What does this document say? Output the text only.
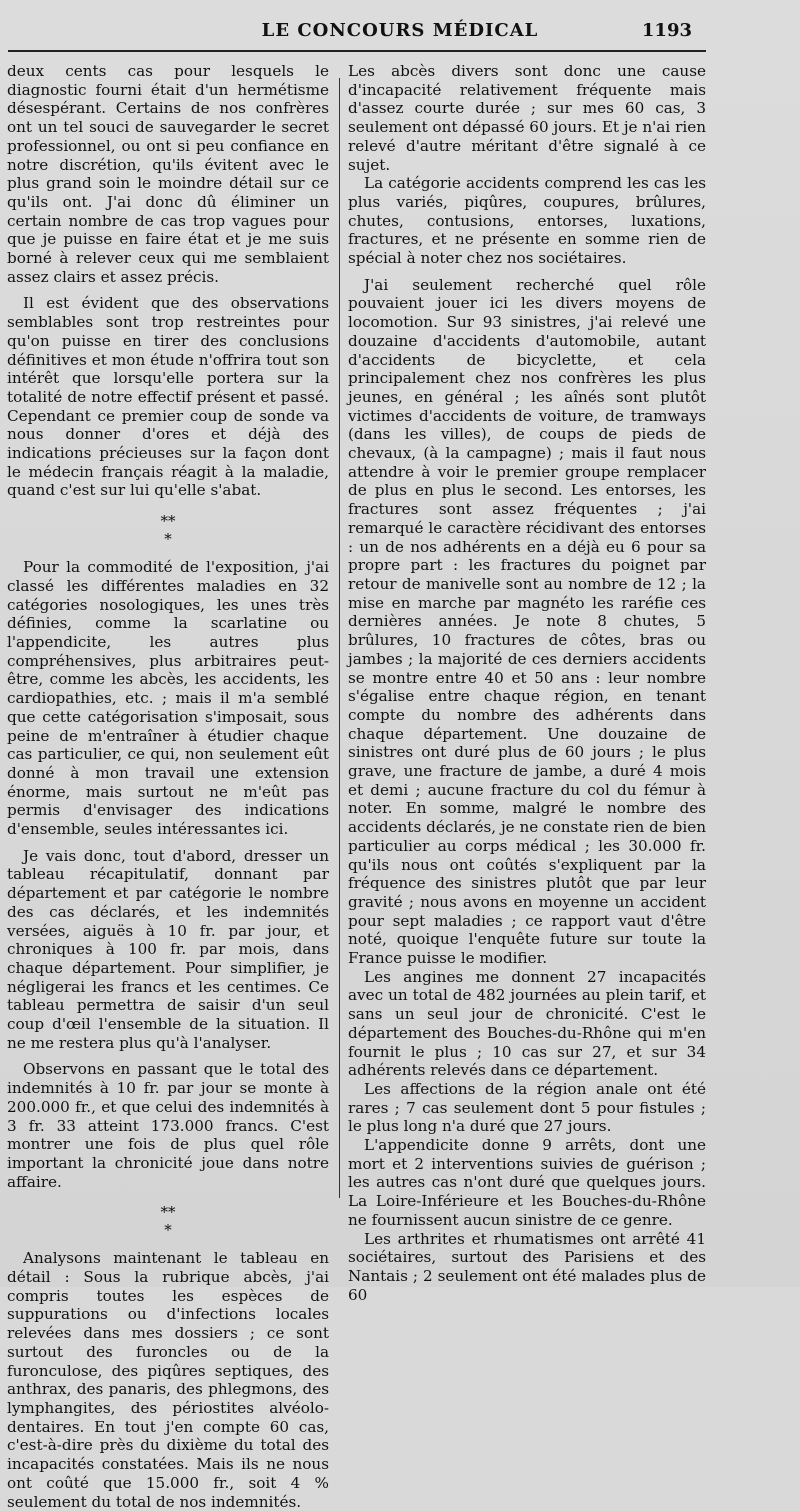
LE CONCOURS MÉDICAL	1193

deux cents cas pour lesquels le diagnostic fourni était d'un hermétisme désespérant. Certains de nos confrères ont un tel souci de sauvegarder le secret professionnel, ou ont si peu confiance en notre discrétion, qu'ils évitent avec le plus grand soin le moindre détail sur ce qu'ils ont. J'ai donc dû éliminer un certain nombre de cas trop vagues pour que je puisse en faire état et je me suis borné à relever ceux qui me semblaient assez clairs et assez précis.

Il est évident que des observations semblables sont trop restreintes pour qu'on puisse en tirer des conclusions définitives et mon étude n'offrira tout son intérêt que lorsqu'elle portera sur la totalité de notre effectif présent et passé. Cependant ce premier coup de sonde va nous donner d'ores et déjà des indications précieuses sur la façon dont le médecin français réagit à la maladie, quand c'est sur lui qu'elle s'abat.

**
*

Pour la commodité de l'exposition, j'ai classé les différentes maladies en 32 catégories nosologiques, les unes très définies, comme la scarlatine ou l'appendicite, les autres plus compréhensives, plus arbitraires peut-être, comme les abcès, les accidents, les cardiopathies, etc. ; mais il m'a semblé que cette catégorisation s'imposait, sous peine de m'entraîner à étudier chaque cas particulier, ce qui, non seulement eût donné à mon travail une extension énorme, mais surtout ne m'eût pas permis d'envisager des indications d'ensemble, seules intéressantes ici.

Je vais donc, tout d'abord, dresser un tableau récapitulatif, donnant par département et par catégorie le nombre des cas déclarés, et les indemnités versées, aiguës à 10 fr. par jour, et chroniques à 100 fr. par mois, dans chaque département. Pour simplifier, je négligerai les francs et les centimes. Ce tableau permettra de saisir d'un seul coup d'œil l'ensemble de la situation. Il ne me restera plus qu'à l'analyser.

Observons en passant que le total des indemnités à 10 fr. par jour se monte à 200.000 fr., et que celui des indemnités à 3 fr. 33 atteint 173.000 francs. C'est montrer une fois de plus quel rôle important la chronicité joue dans notre affaire.

**
*

Analysons maintenant le tableau en détail : Sous la rubrique abcès, j'ai compris toutes les espèces de suppurations ou d'infections locales relevées dans mes dossiers ; ce sont surtout des furoncles ou de la furonculose, des piqûres septiques, des anthrax, des panaris, des phlegmons, des lymphangites, des périostites alvéolo-dentaires. En tout j'en compte 60 cas, c'est-à-dire près du dixième du total des incapacités constatées. Mais ils ne nous ont coûté que 15.000 fr., soit 4 % seulement du total de nos indemnités.

Les abcès divers sont donc une cause d'incapacité relativement fréquente mais d'assez courte durée ; sur mes 60 cas, 3 seulement ont dépassé 60 jours. Et je n'ai rien relevé d'autre méritant d'être signalé à ce sujet.

La catégorie accidents comprend les cas les plus variés, piqûres, coupures, brûlures, chutes, contusions, entorses, luxations, fractures, et ne présente en somme rien de spécial à noter chez nos sociétaires.

J'ai seulement recherché quel rôle pouvaient jouer ici les divers moyens de locomotion. Sur 93 sinistres, j'ai relevé une douzaine d'accidents d'automobile, autant d'accidents de bicyclette, et cela principalement chez nos confrères les plus jeunes, en général ; les aînés sont plutôt victimes d'accidents de voiture, de tramways (dans les villes), de coups de pieds de chevaux, (à la campagne) ; mais il faut nous attendre à voir le premier groupe remplacer de plus en plus le second. Les entorses, les fractures sont assez fréquentes ; j'ai remarqué le caractère récidivant des entorses : un de nos adhérents en a déjà eu 6 pour sa propre part : les fractures du poignet par retour de manivelle sont au nombre de 12 ; la mise en marche par magnéto les raréfie ces dernières années. Je note 8 chutes, 5 brûlures, 10 fractures de côtes, bras ou jambes ; la majorité de ces derniers accidents se montre entre 40 et 50 ans : leur nombre s'égalise entre chaque région, en tenant compte du nombre des adhérents dans chaque département. Une douzaine de sinistres ont duré plus de 60 jours ; le plus grave, une fracture de jambe, a duré 4 mois et demi ; aucune fracture du col du fémur à noter. En somme, malgré le nombre des accidents déclarés, je ne constate rien de bien particulier au corps médical ; les 30.000 fr. qu'ils nous ont coûtés s'expliquent par la fréquence des sinistres plutôt que par leur gravité ; nous avons en moyenne un accident pour sept maladies ; ce rapport vaut d'être noté, quoique l'enquête future sur toute la France puisse le modifier.

Les angines me donnent 27 incapacités avec un total de 482 journées au plein tarif, et sans un seul jour de chronicité. C'est le département des Bouches-du-Rhône qui m'en fournit le plus ; 10 cas sur 27, et sur 34 adhérents relevés dans ce département.

Les affections de la région anale ont été rares ; 7 cas seulement dont 5 pour fistules ; le plus long n'a duré que 27 jours.

L'appendicite donne 9 arrêts, dont une mort et 2 interventions suivies de guérison ; les autres cas n'ont duré que quelques jours. La Loire-Inférieure et les Bouches-du-Rhône ne fournissent aucun sinistre de ce genre.

Les arthrites et rhumatismes ont arrêté 41 sociétaires, surtout des Parisiens et des Nantais ; 2 seulement ont été malades plus de 60
